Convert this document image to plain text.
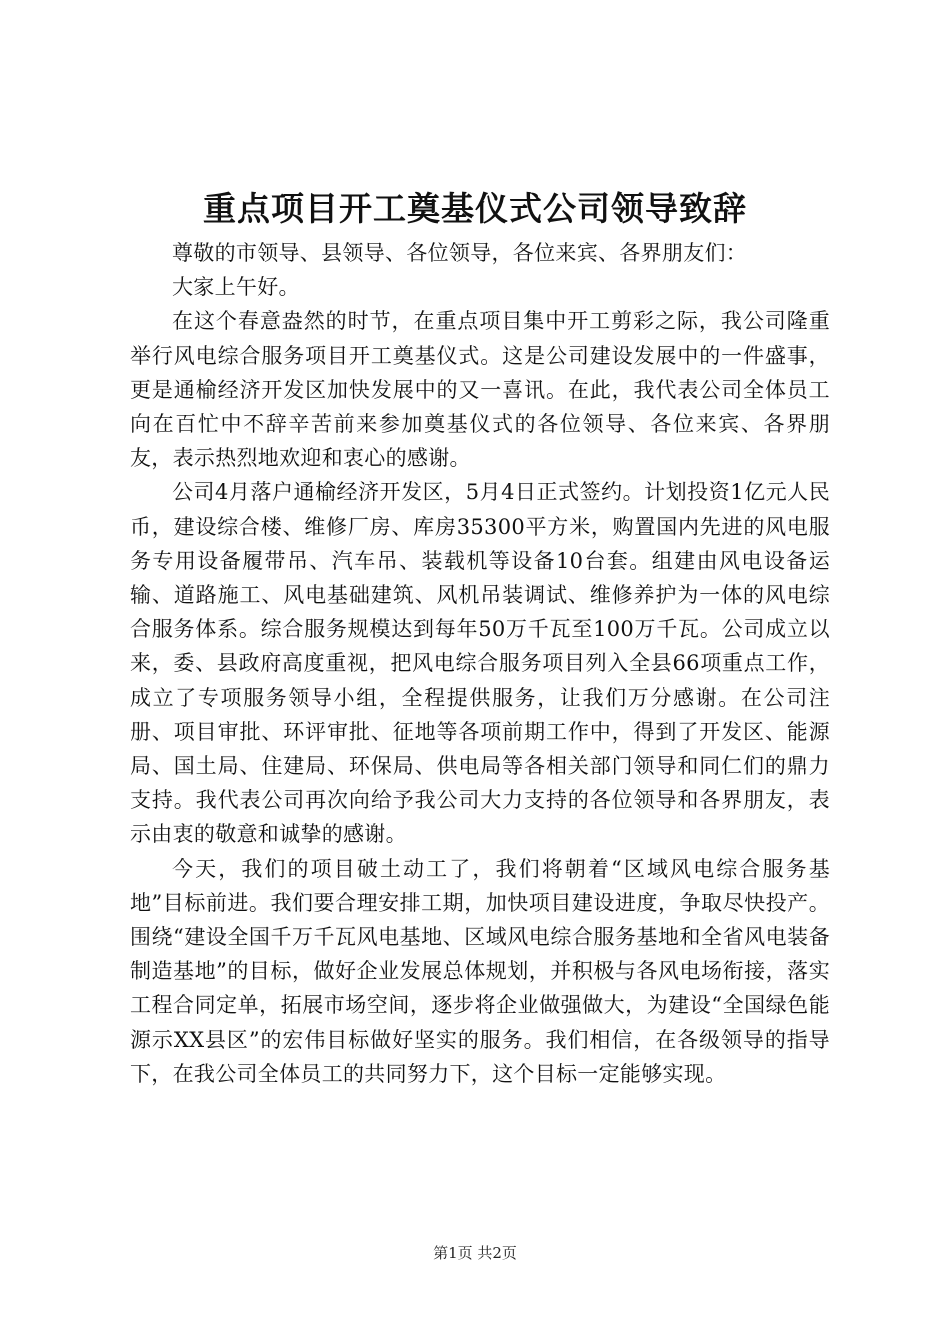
重点项目开工奠基仪式公司领导致辞

尊敬的市领导、县领导、各位领导，各位来宾、各界朋友们：

大家上午好。

在这个春意盎然的时节，在重点项目集中开工剪彩之际，我公司隆重举行风电综合服务项目开工奠基仪式。这是公司建设发展中的一件盛事，更是通榆经济开发区加快发展中的又一喜讯。在此，我代表公司全体员工向在百忙中不辞辛苦前来参加奠基仪式的各位领导、各位来宾、各界朋友，表示热烈地欢迎和衷心的感谢。

公司4月落户通榆经济开发区，5月4日正式签约。计划投资1亿元人民币，建设综合楼、维修厂房、库房35300平方米，购置国内先进的风电服务专用设备履带吊、汽车吊、装载机等设备10台套。组建由风电设备运输、道路施工、风电基础建筑、风机吊装调试、维修养护为一体的风电综合服务体系。综合服务规模达到每年50万千瓦至100万千瓦。公司成立以来，委、县政府高度重视，把风电综合服务项目列入全县66项重点工作，成立了专项服务领导小组，全程提供服务，让我们万分感谢。在公司注册、项目审批、环评审批、征地等各项前期工作中，得到了开发区、能源局、国土局、住建局、环保局、供电局等各相关部门领导和同仁们的鼎力支持。我代表公司再次向给予我公司大力支持的各位领导和各界朋友，表示由衷的敬意和诚挚的感谢。

今天，我们的项目破土动工了，我们将朝着“区域风电综合服务基地”目标前进。我们要合理安排工期，加快项目建设进度，争取尽快投产。围绕“建设全国千万千瓦风电基地、区域风电综合服务基地和全省风电装备制造基地”的目标，做好企业发展总体规划，并积极与各风电场衔接，落实工程合同定单，拓展市场空间，逐步将企业做强做大，为建设“全国绿色能源示XX县区”的宏伟目标做好坚实的服务。我们相信，在各级领导的指导下，在我公司全体员工的共同努力下，这个目标一定能够实现。

第1页 共2页
